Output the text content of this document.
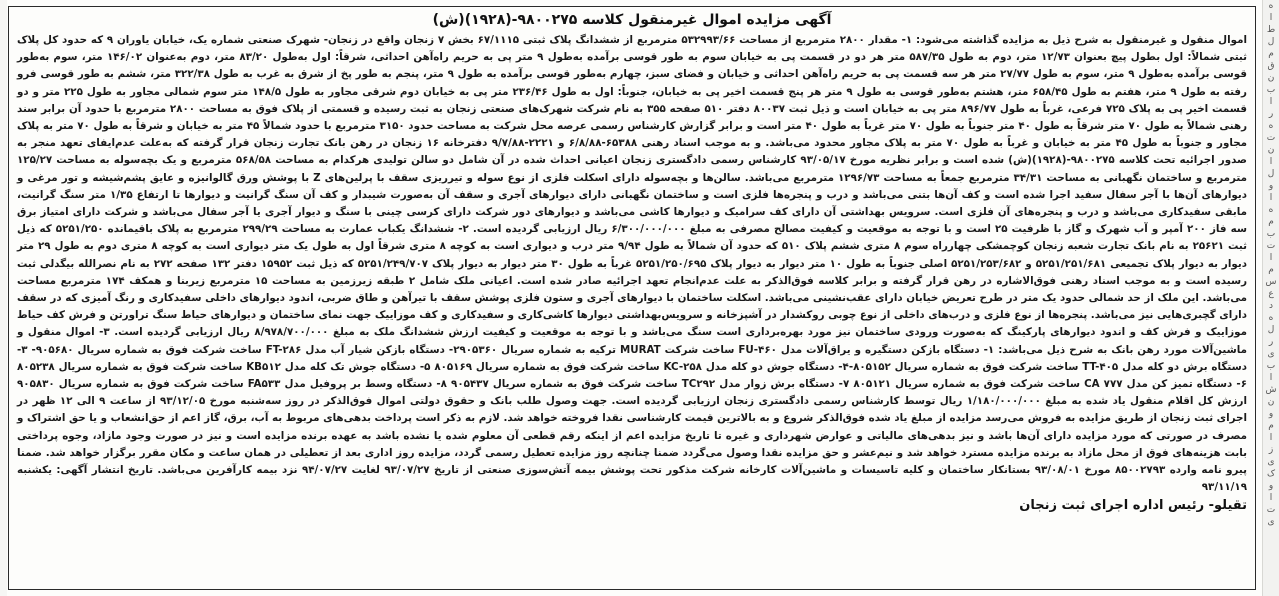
آگهی مزایده اموال غیرمنقول کلاسه ۹۸۰۰۲۷۵-(۱۹۲۸)(ش)

اموال منقول و غیرمنقول به شرح ذیل به مزایده گذاشته می‌شود: ۱- مقدار ۲۸۰۰ مترمربع از مساحت ۵۳۲۹۹۳/۶۶ مترمربع از ششدانگ پلاک ثبتی ۶۷/۱۱۱۵ بخش ۷ زنجان واقع در زنجان- شهرک صنعتی شماره یک، خیابان یاوران ۹ که حدود کل پلاک ثبتی شمالاً: اول بطول پیچ بعنوان ۱۲/۷۳ متر، دوم به طول ۵۸۷/۳۵ متر هر دو در قسمت پی به خیابان سوم به طور قوسی برآمده به‌طول ۹ متر پی به حریم راه‌آهن احداثی، شرقاً: اول به‌طول ۸۳/۲۰ متر، دوم به‌عنوان ۱۴۶/۰۲ متر، سوم به‌طور قوسی برآمده به‌طول ۹ متر، سوم به طول ۲۷/۷۷ متر هر سه قسمت پی به حریم راه‌آهن احداثی و خیابان و فضای سبز، چهارم به‌طور قوسی برآمده به طول ۹ متر، پنجم به طور پخ از شرق به غرب به طول ۳۲۲/۳۸ متر، ششم به طور قوسی فرو رفته به طول ۹ متر، هفتم به طول ۶۵۸/۴۵ متر، هشتم به‌طور قوسی به طول ۹ متر هر پنج قسمت اخیر پی به خیابان، جنوباً: اول به طول ۲۳۶/۴۶ متر پی به خیابان دوم شرقی مجاور به طول ۱۴۸/۵ متر سوم شمالی مجاور به طول ۲۲۵ متر و دو قسمت اخیر پی به پلاک ۷۲۵ فرعی، غرباً به طول ۸۹۶/۷۷ متر پی به خیابان است و ذیل ثبت ۸۰۰۳۷ دفتر ۵۱۰ صفحه ۳۵۵ به نام شرکت شهرک‌های صنعتی زنجان به ثبت رسیده و قسمتی از پلاک فوق به مساحت ۲۸۰۰ مترمربع با حدود آن برابر سند رهنی شمالاً به طول ۷۰ متر شرقاً به طول ۴۰ متر جنوباً به طول ۷۰ متر غرباً به طول ۴۰ متر است و برابر گزارش کارشناس رسمی عرصه محل شرکت به مساحت حدود ۳۱۵۰ مترمربع با حدود شمالاً ۴۵ متر به خیابان و شرقاً به طول ۷۰ متر به پلاک مجاور و جنوباً به طول ۴۵ متر به خیابان و غرباً به طول ۷۰ متر به پلاک مجاور محدود می‌باشد. و به موجب اسناد رهنی ۶۵۳۸۸-۶/۸/۸۸ و ۲۲۲۱-۹/۷/۸۸ دفترخانه ۱۶ زنجان در رهن بانک تجارت زنجان قرار گرفته که به‌علت عدم‌ایفای تعهد منجر به صدور اجرائیه تحت کلاسه ۹۸۰۰۲۷۵-(۱۹۲۸)(ش) شده است و برابر نظریه مورخ ۹۳/۰۵/۱۷ کارشناس رسمی دادگستری زنجان اعیانی احداث شده در آن شامل دو سالن تولیدی هرکدام به مساحت ۵۶۸/۵۸ مترمربع و یک بچه‌سوله به مساحت ۱۲۵/۲۷ مترمربع و ساختمان نگهبانی به مساحت ۳۴/۳۱ مترمربع جمعاً به مساحت ۱۲۹۶/۷۳ مترمربع می‌باشد. سالن‌ها و بچه‌سوله دارای اسکلت فلزی از نوع سوله و تیرریزی سقف با پرلین‌های Z با پوشش ورق گالوانیزه و عایق پشم‌شیشه و تور مرغی و دیوارهای آن‌ها با آجر سفال سفید اجرا شده است و کف آن‌ها بتنی می‌باشد و درب و پنجره‌ها فلزی است و ساختمان نگهبانی دارای دیوارهای آجری و سقف آن به‌صورت شیبدار و کف آن سنگ گرانیت و دیوارها تا ارتفاع ۱/۳۵ متر سنگ گرانیت، مابقی سفیدکاری می‌باشد و درب و پنجره‌های آن فلزی است. سرویس بهداشتی آن دارای کف سرامیک و دیوارها کاشی می‌باشد و دیوارهای دور شرکت دارای کرسی چینی با سنگ و دیوار آجری یا آجر سفال می‌باشد و شرکت دارای امتیاز برق سه فاز ۲۰۰ آمپر و آب شهرک و گاز با ظرفیت ۲۵ است و با توجه به موقعیت و کیفیت مصالح مصرفی به مبلغ ۶/۳۰۰/۰۰۰/۰۰۰ ریال ارزیابی گردیده است. ۲- ششدانگ یکباب عمارت به مساحت ۲۹۹/۲۹ مترمربع به پلاک باقیمانده ۵۲۵۱/۲۵۰ که ذیل ثبت ۲۵۶۲۱ به نام بانک تجارت شعبه زنجان کوچمشکی چهارراه سوم ۸ متری ششم پلاک ۵۱۰ که حدود آن شمالاً به طول ۹/۹۴ متر درب و دیواری است به کوچه ۸ متری شرقاً اول به طول یک متر دیواری است به کوچه ۸ متری دوم به طول ۲۹ متر دیوار به دیوار پلاک تجمیعی ۵۲۵۱/۲۵۱/۶۸۱ و ۵۲۵۱/۲۵۳/۶۸۲ اصلی جنوباً به طول ۱۰ متر دیوار به دیوار پلاک ۵۲۵۱/۲۵۰/۶۹۵ غرباً به طول ۳۰ متر دیوار به دیوار پلاک ۵۲۵۱/۲۴۹/۷۰۷ که ذیل ثبت ۱۵۹۵۲ دفتر ۱۳۲ صفحه ۲۷۲ به نام نصرالله بیگدلی ثبت رسیده است و به موجب اسناد رهنی فوق‌الاشاره در رهن قرار گرفته و برابر کلاسه فوق‌الذکر به علت عدم‌انجام تعهد اجرائیه صادر شده است. اعیانی ملک شامل ۲ طبقه زیرزمین به مساحت ۱۵ مترمربع زیربنا و همکف ۱۷۴ مترمربع مساحت می‌باشد. این ملک از حد شمالی حدود یک متر در طرح تعریض خیابان دارای عقب‌نشینی می‌باشد. اسکلت ساختمان با دیوارهای آجری و ستون فلزی پوشش سقف با تیرآهن و طاق ضربی، اندود دیوارهای داخلی سفیدکاری و رنگ آمیزی که در سقف دارای گچبری‌هایی نیز می‌باشد. پنجره‌ها از نوع فلزی و درب‌های داخلی از نوع چوبی روکشدار در آشپزخانه و سرویس‌بهداشتی دیوارها کاشی‌کاری و سفیدکاری و کف موزاییک جهت نمای ساختمان و دیوارهای حیاط سنگ تراورتن و فرش کف حیاط موزاییک و فرش کف و اندود دیوارهای پارکینگ که به‌صورت ورودی ساختمان نیز مورد بهره‌برداری است سنگ می‌باشد و با توجه به موقعیت و کیفیت ارزش ششدانگ ملک به مبلغ ۸/۹۷۸/۷۰۰/۰۰۰ ریال ارزیابی گردیده است. ۳- اموال منقول و ماشین‌آلات مورد رهن بانک به شرح ذیل می‌باشد: ۱- دستگاه بازکن دستگیره و یراق‌آلات مدل FU-۴۶۰ ساخت شرکت MURAT ترکیه به شماره سریال ۲۹۰۵۳۶۰- دستگاه بازکن شیار آب مدل FT-۲۸۶ ساخت شرکت فوق به شماره سریال ۹۰۵۶۸۰- ۳- دستگاه برش دو کله مدل TT-۴۰۵ ساخت شرکت فوق به شماره سریال ۸۰۵۱۵۲-۴- دستگاه جوش دو کله مدل KC-۲۵۸ ساخت شرکت فوق به شماره سریال ۸۰۵۱۶۹ ۵- دستگاه جوش تک کله مدل KB۵۱۲ ساخت شرکت فوق به شماره سریال ۸۰۵۲۳۸ ۶- دستگاه تمیز کن مدل CA ۷۷۷ ساخت شرکت فوق به شماره سریال ۸۰۵۱۲۱ ۷- دستگاه برش زوار مدل TC۲۹۲ ساخت شرکت فوق به شماره سریال ۹۰۵۴۳۷ ۸- دستگاه وسط بر پروفیل مدل FA۵۳۳ ساخت شرکت فوق به شماره سریال ۹۰۵۸۳۰ ارزش کل اقلام منقول یاد شده به مبلغ ۱/۱۸۰/۰۰۰/۰۰۰ ریال توسط کارشناس رسمی دادگستری زنجان ارزیابی گردیده است. جهت وصول طلب بانک و حقوق دولتی اموال فوق‌الذکر در روز سه‌شنبه مورخ ۹۳/۱۲/۰۵ از ساعت ۹ الی ۱۲ ظهر در اجرای ثبت زنجان از طریق مزایده به فروش می‌رسد مزایده از مبلغ یاد شده فوق‌الذکر شروع و به بالاترین قیمت کارشناسی نقدا فروخته خواهد شد. لازم به ذکر است پرداخت بدهی‌های مربوط به آب، برق، گاز اعم از حق‌انشعاب و یا حق اشتراک و مصرف در صورتی که مورد مزایده دارای آن‌ها باشد و نیز بدهی‌های مالیاتی و عوارض شهرداری و غیره تا تاریخ مزایده اعم از اینکه رقم قطعی آن معلوم شده یا نشده باشد به عهده برنده مزایده است و نیز در صورت وجود مازاد، وجوه پرداختی بابت هزینه‌های فوق از محل مازاد به برنده مزایده مسترد خواهد شد و نیم‌عشر و حق مزایده نقدا وصول می‌گردد ضمنا چنانچه روز مزایده تعطیل رسمی گردد، مزایده روز اداری بعد از تعطیلی در همان ساعت و مکان مقرر برگزار خواهد شد. ضمنا پیرو نامه وارده ۸۵۰۰۲۷۹۳ مورخ ۹۳/۰۸/۰۱ بستانکار ساختمان و کلیه تاسیسات و ماشین‌آلات کارخانه شرکت مذکور تحت پوشش بیمه آتش‌سوزی صنعتی از تاریخ ۹۳/۰۷/۲۷ لغایت ۹۴/۰۷/۲۷ نزد بیمه کارآفرین می‌باشد. تاریخ انتشار آگهی: یکشنبه ۹۳/۱۱/۱۹

تقیلو- رئیس اداره اجرای ثبت زنجان
ه
ا
ط
ل
م
ق
ن
ب
ا
ر
ه
ت
ن
ا
ل
و
ا
ه
م
ب
ت
ا
م
س
ع
د
ه
ل
ر
ی
ب
ا
ش
ن
و
م
ا
ز
ی
ک
و
ا
ت
ی
